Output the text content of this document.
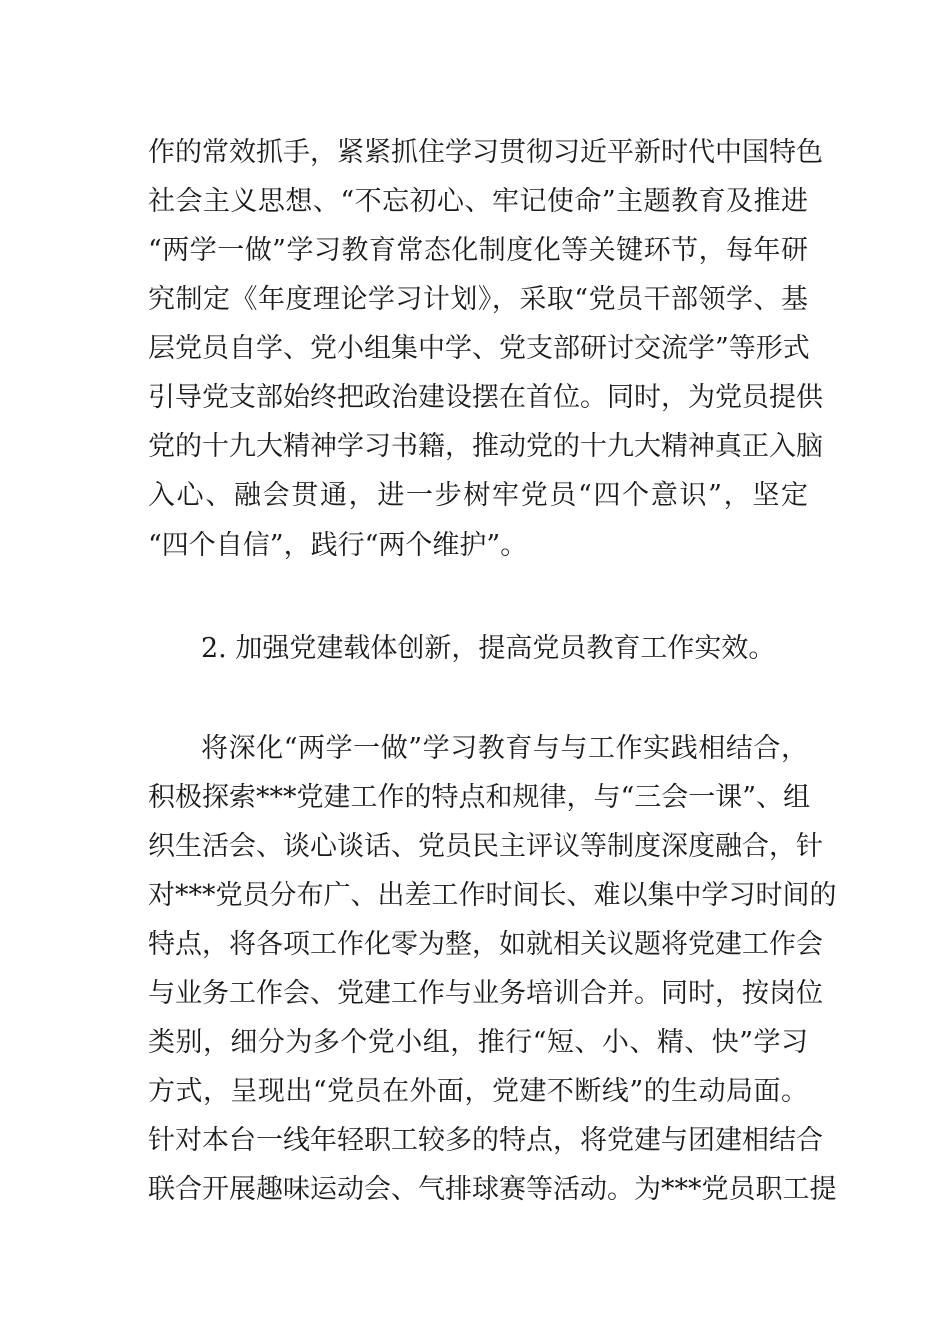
作的常效抓手，紧紧抓住学习贯彻习近平新时代中国特色
社会主义思想、“不忘初心、牢记使命”主题教育及推进
“两学一做”学习教育常态化制度化等关键环节，每年研
究制定《年度理论学习计划》，采取“党员干部领学、基
层党员自学、党小组集中学、党支部研讨交流学”等形式
引导党支部始终把政治建设摆在首位。同时，为党员提供
党的十九大精神学习书籍，推动党的十九大精神真正入脑
入心、融会贯通，进一步树牢党员“四个意识”，坚定
“四个自信”，践行“两个维护”。
2. 加强党建载体创新，提高党员教育工作实效。
将深化“两学一做”学习教育与与工作实践相结合，
积极探索***党建工作的特点和规律，与“三会一课”、组
织生活会、谈心谈话、党员民主评议等制度深度融合，针
对***党员分布广、出差工作时间长、难以集中学习时间的
特点，将各项工作化零为整，如就相关议题将党建工作会
与业务工作会、党建工作与业务培训合并。同时，按岗位
类别，细分为多个党小组，推行“短、小、精、快”学习
方式，呈现出“党员在外面，党建不断线”的生动局面。
针对本台一线年轻职工较多的特点，将党建与团建相结合
联合开展趣味运动会、气排球赛等活动。为***党员职工提
